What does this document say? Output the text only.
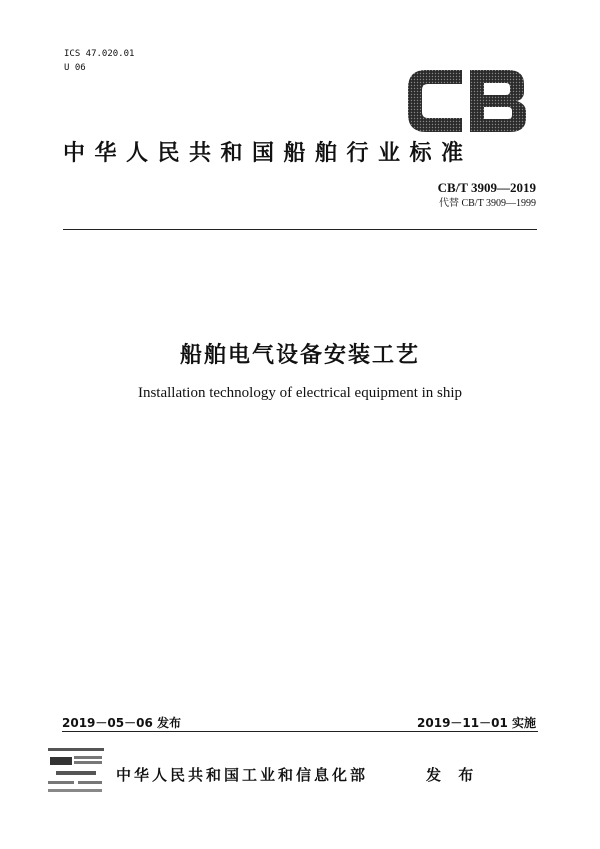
ICS 47.020.01
U 06
中华人民共和国船舶行业标准
CB/T 3909—2019
代替 CB/T 3909—1999
船舶电气设备安装工艺
Installation technology of electrical equipment in ship
2019－05－06 发布	2019－11－01 实施
中华人民共和国工业和信息化部	发 布
